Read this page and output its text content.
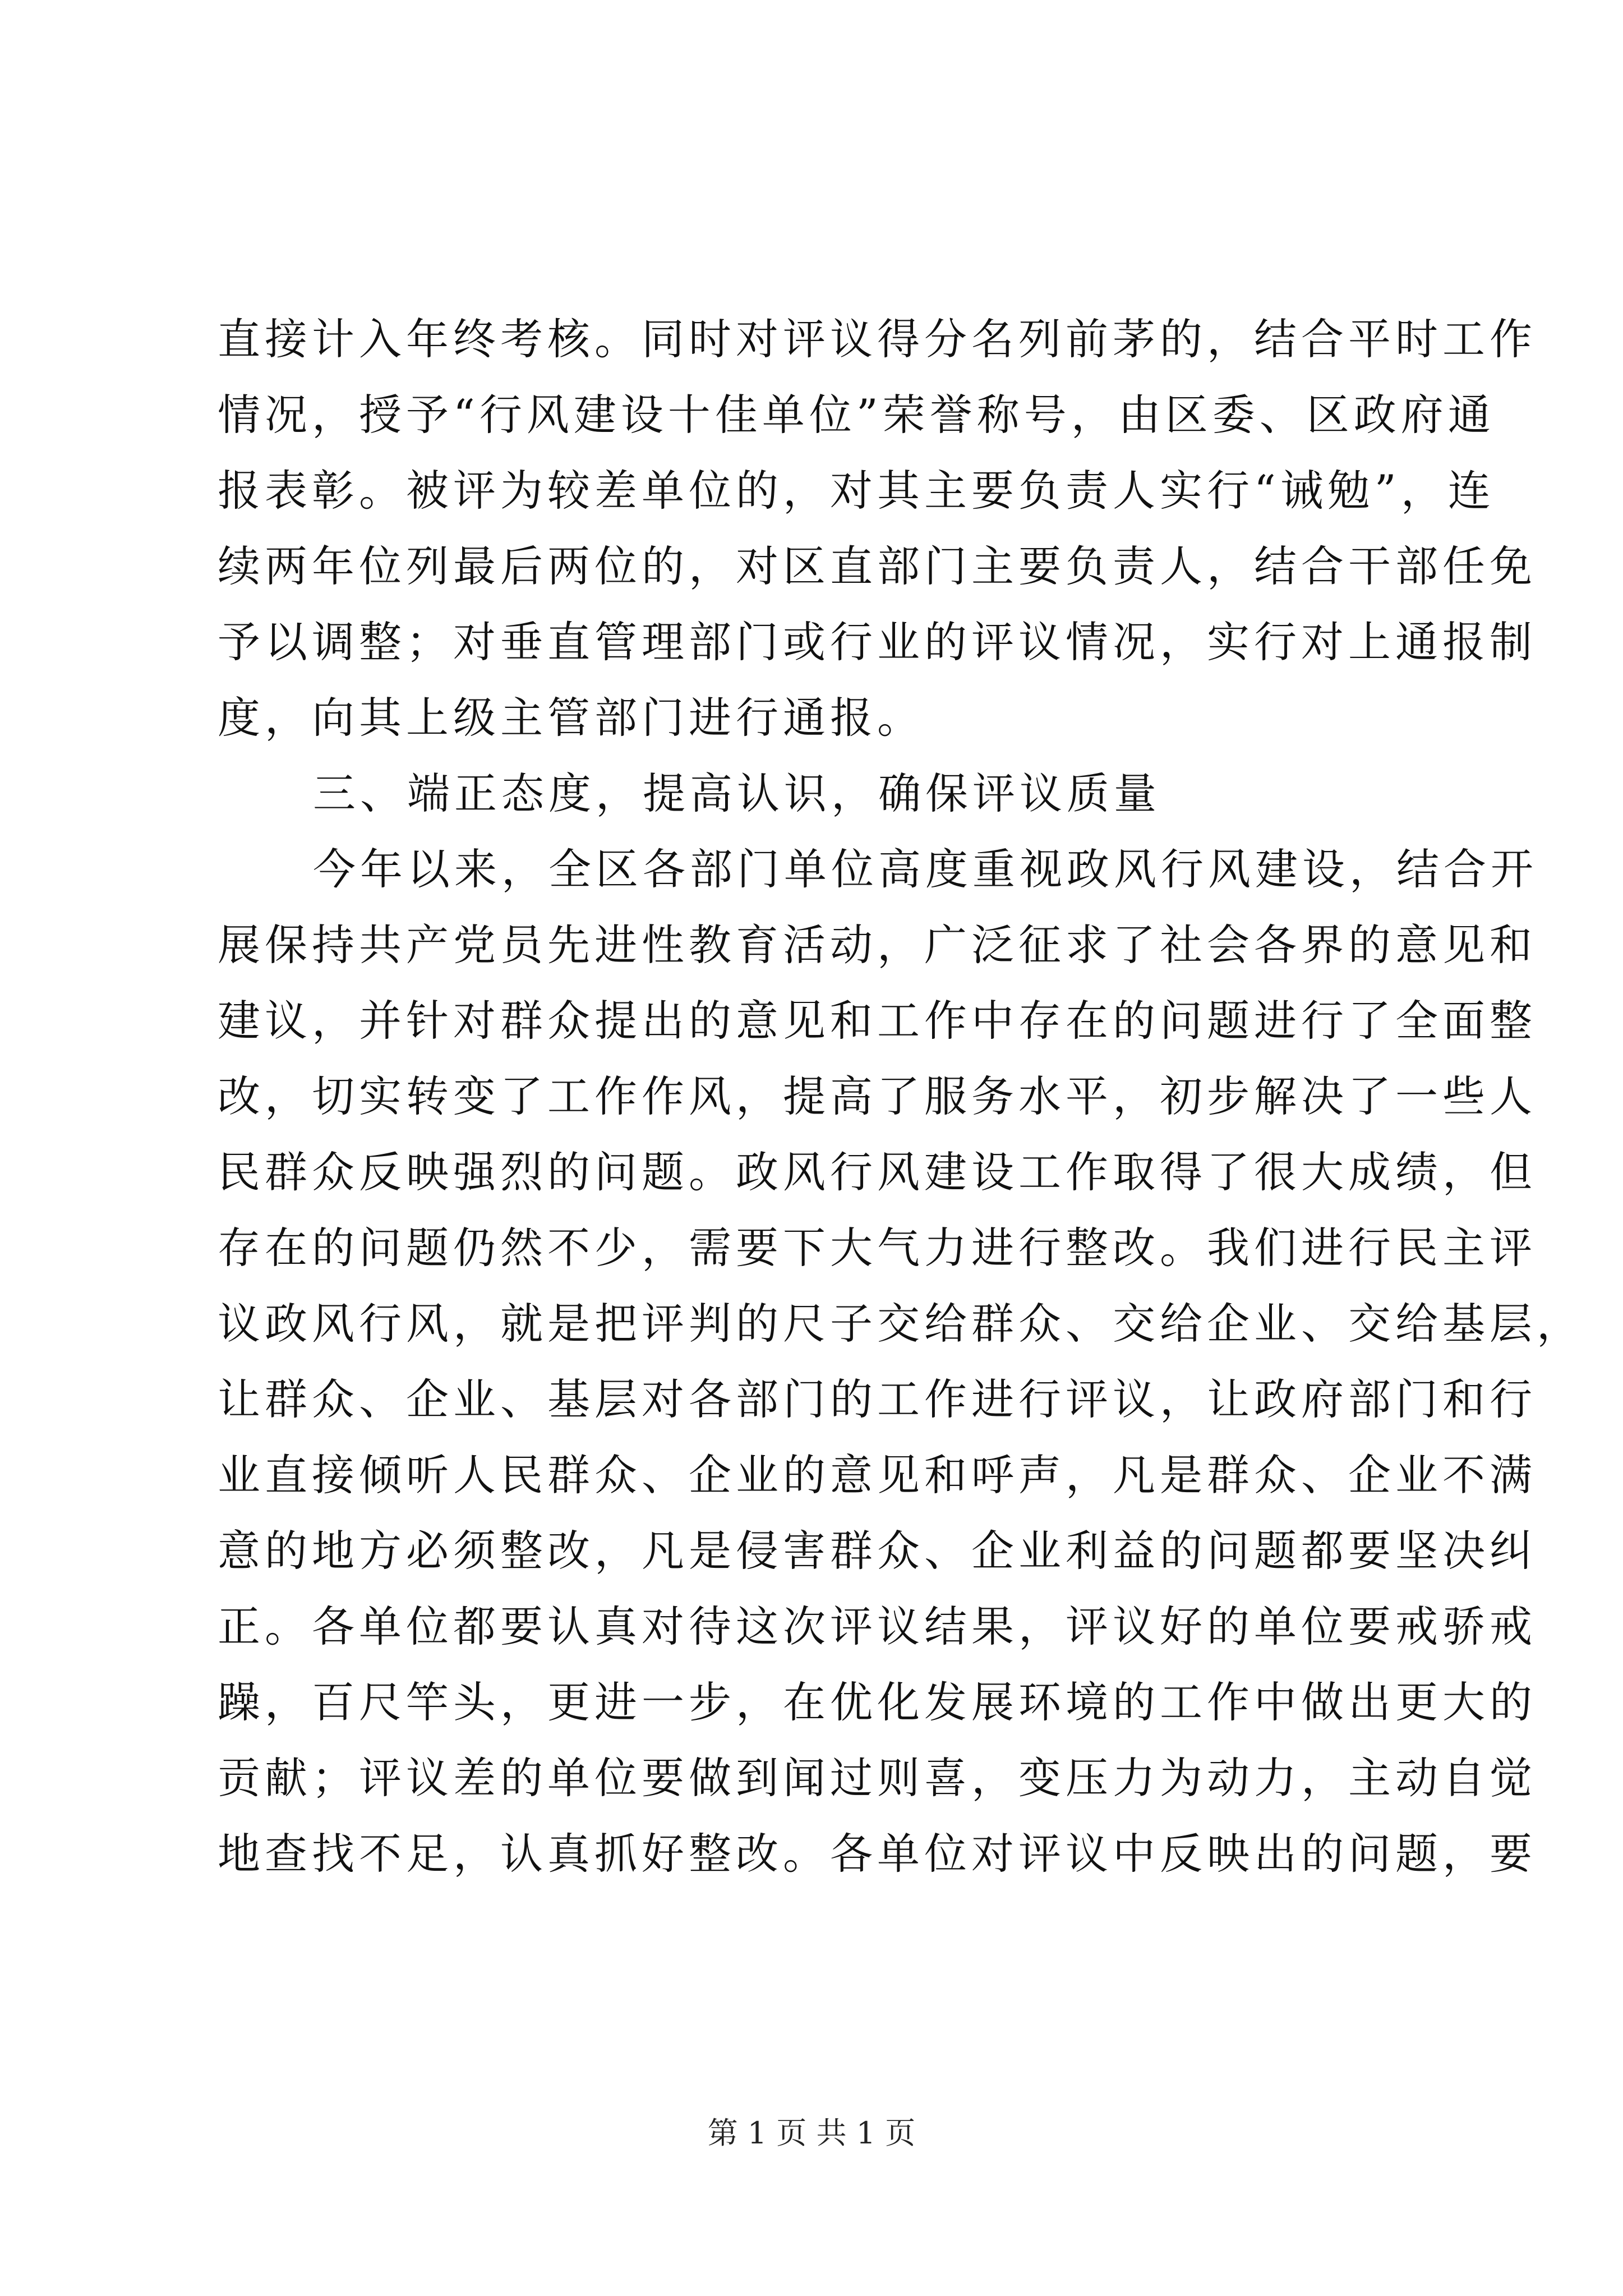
直接计入年终考核。同时对评议得分名列前茅的，结合平时工作
情况，授予“行风建设十佳单位”荣誉称号，由区委、区政府通
报表彰。被评为较差单位的，对其主要负责人实行“诫勉”，连
续两年位列最后两位的，对区直部门主要负责人，结合干部任免
予以调整；对垂直管理部门或行业的评议情况，实行对上通报制
度，向其上级主管部门进行通报。
三、端正态度，提高认识，确保评议质量
今年以来，全区各部门单位高度重视政风行风建设，结合开
展保持共产党员先进性教育活动，广泛征求了社会各界的意见和
建议，并针对群众提出的意见和工作中存在的问题进行了全面整
改，切实转变了工作作风，提高了服务水平，初步解决了一些人
民群众反映强烈的问题。政风行风建设工作取得了很大成绩，但
存在的问题仍然不少，需要下大气力进行整改。我们进行民主评
议政风行风，就是把评判的尺子交给群众、交给企业、交给基层，
让群众、企业、基层对各部门的工作进行评议，让政府部门和行
业直接倾听人民群众、企业的意见和呼声，凡是群众、企业不满
意的地方必须整改，凡是侵害群众、企业利益的问题都要坚决纠
正。各单位都要认真对待这次评议结果，评议好的单位要戒骄戒
躁，百尺竿头，更进一步，在优化发展环境的工作中做出更大的
贡献；评议差的单位要做到闻过则喜，变压力为动力，主动自觉
地查找不足，认真抓好整改。各单位对评议中反映出的问题，要
第 1 页 共 1 页
